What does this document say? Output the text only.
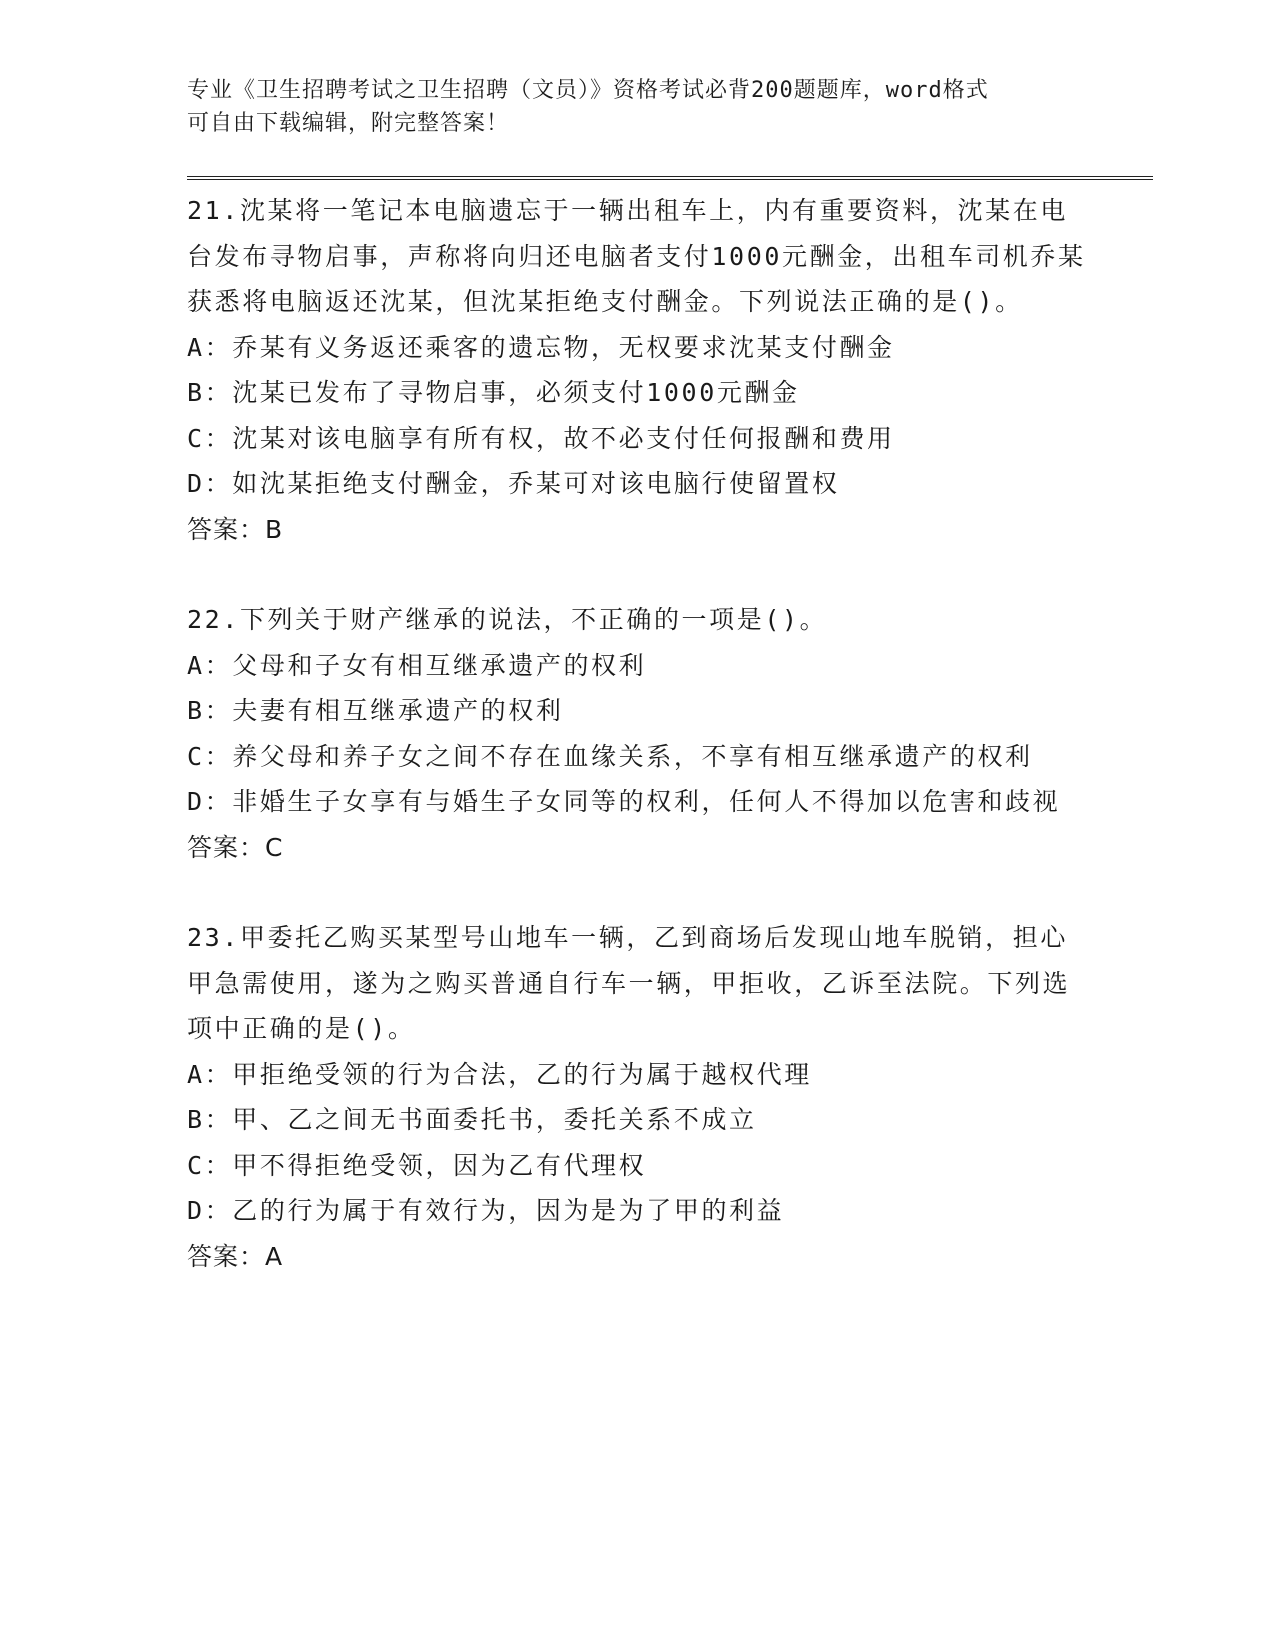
专业《卫生招聘考试之卫生招聘（文员）》资格考试必背200题题库，word格式
可自由下载编辑，附完整答案！

21.沈某将一笔记本电脑遗忘于一辆出租车上，内有重要资料，沈某在电台发布寻物启事，声称将向归还电脑者支付1000元酬金，出租车司机乔某获悉将电脑返还沈某，但沈某拒绝支付酬金。下列说法正确的是()。

A：乔某有义务返还乘客的遗忘物，无权要求沈某支付酬金

B：沈某已发布了寻物启事，必须支付1000元酬金

C：沈某对该电脑享有所有权，故不必支付任何报酬和费用

D：如沈某拒绝支付酬金，乔某可对该电脑行使留置权

答案：B

22.下列关于财产继承的说法，不正确的一项是()。

A：父母和子女有相互继承遗产的权利

B：夫妻有相互继承遗产的权利

C：养父母和养子女之间不存在血缘关系，不享有相互继承遗产的权利

D：非婚生子女享有与婚生子女同等的权利，任何人不得加以危害和歧视

答案：C

23.甲委托乙购买某型号山地车一辆，乙到商场后发现山地车脱销，担心甲急需使用，遂为之购买普通自行车一辆，甲拒收，乙诉至法院。下列选项中正确的是()。

A：甲拒绝受领的行为合法，乙的行为属于越权代理

B：甲、乙之间无书面委托书，委托关系不成立

C：甲不得拒绝受领，因为乙有代理权

D：乙的行为属于有效行为，因为是为了甲的利益

答案：A
